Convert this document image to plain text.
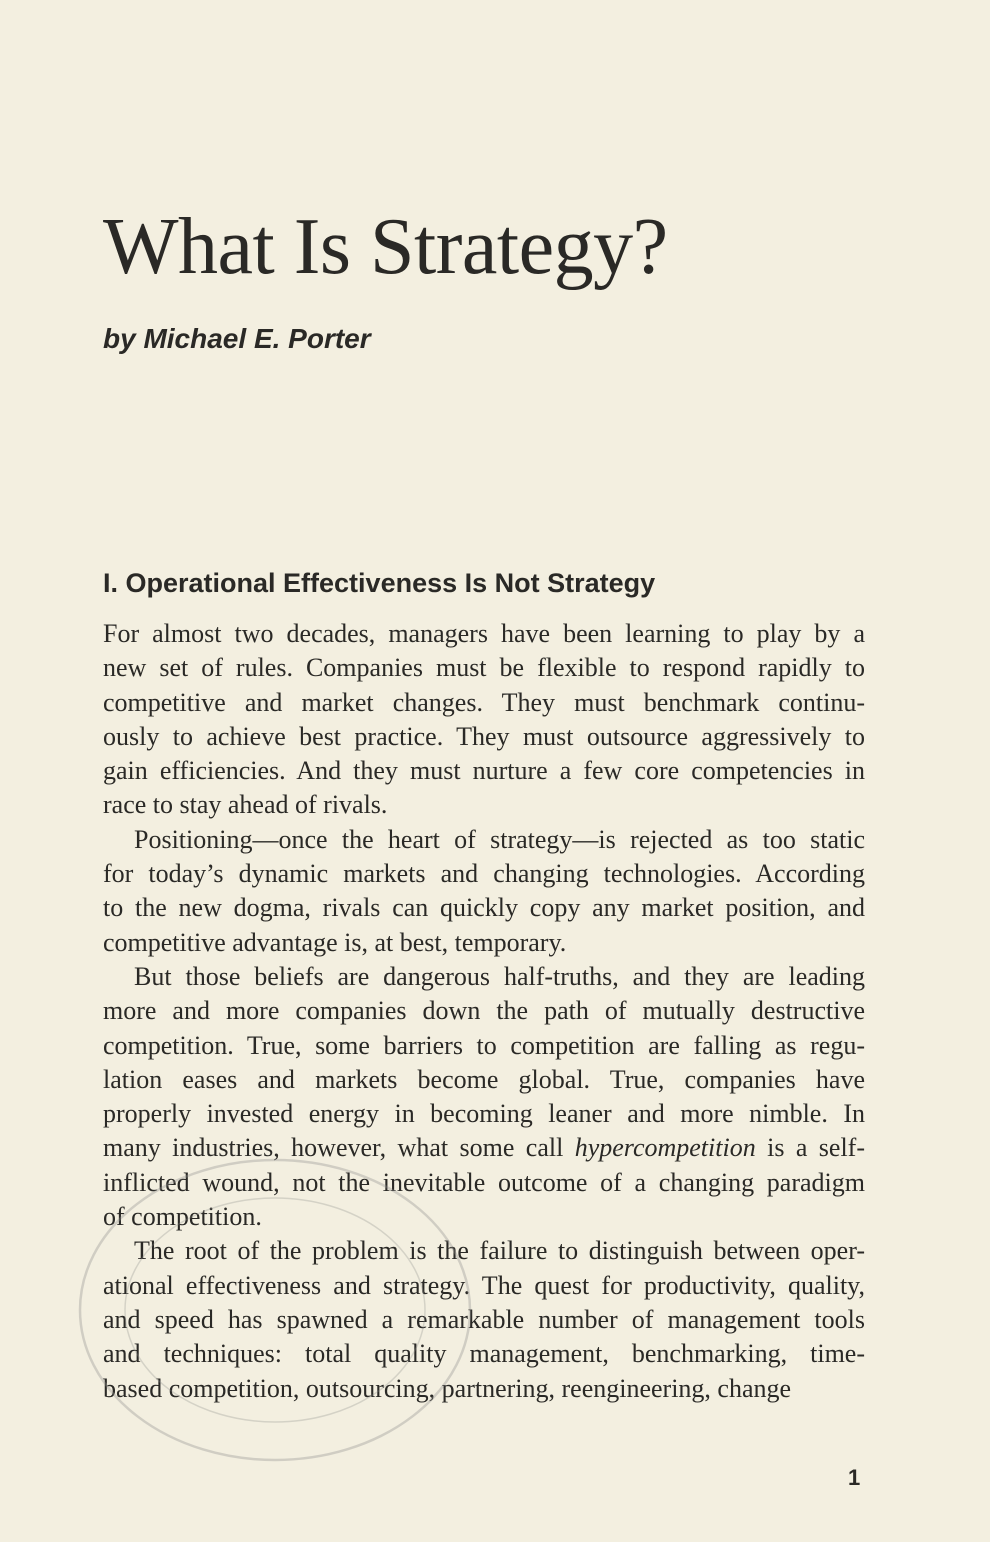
What Is Strategy?
by Michael E. Porter
I. Operational Effectiveness Is Not Strategy
For almost two decades, managers have been learning to play by a
new set of rules. Companies must be flexible to respond rapidly to
competitive and market changes. They must benchmark continu-
ously to achieve best practice. They must outsource aggressively to
gain efficiencies. And they must nurture a few core competencies in
race to stay ahead of rivals.
Positioning—once the heart of strategy—is rejected as too static
for today’s dynamic markets and changing technologies. According
to the new dogma, rivals can quickly copy any market position, and
competitive advantage is, at best, temporary.
But those beliefs are dangerous half-truths, and they are leading
more and more companies down the path of mutually destructive
competition. True, some barriers to competition are falling as regu-
lation eases and markets become global. True, companies have
properly invested energy in becoming leaner and more nimble. In
many industries, however, what some call hypercompetition is a self-
inflicted wound, not the inevitable outcome of a changing paradigm
of competition.
The root of the problem is the failure to distinguish between oper-
ational effectiveness and strategy. The quest for productivity, quality,
and speed has spawned a remarkable number of management tools
and techniques: total quality management, benchmarking, time-
based competition, outsourcing, partnering, reengineering, change
1
